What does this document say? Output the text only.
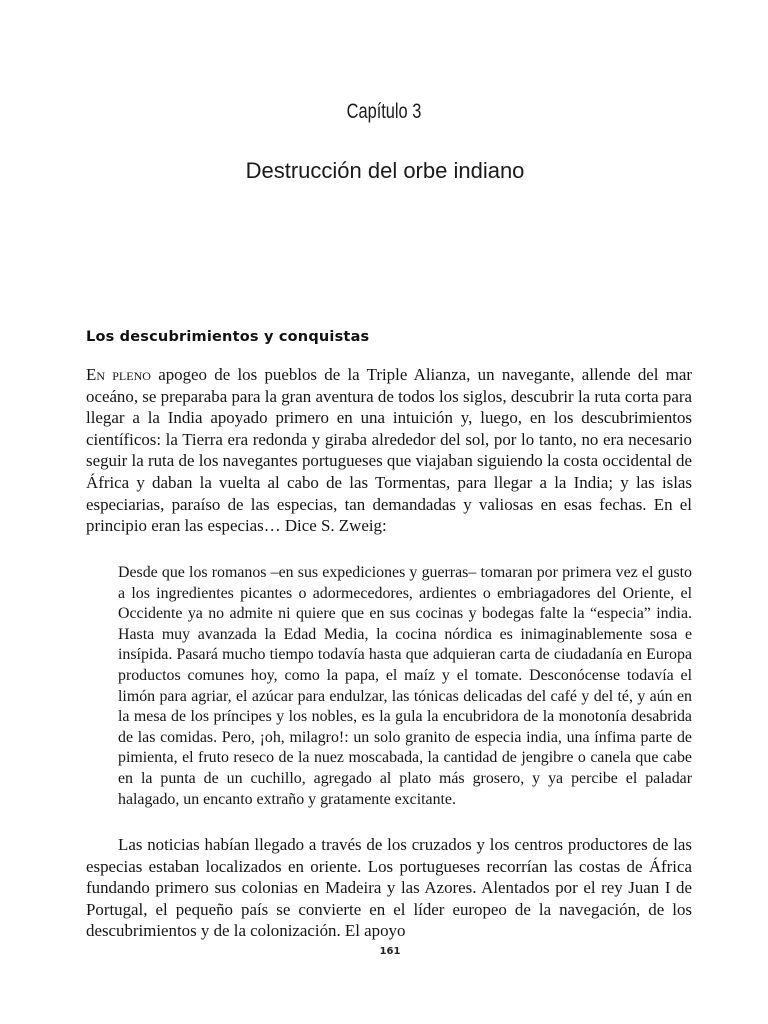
Capítulo 3
Destrucción del orbe indiano
Los descubrimientos y conquistas

En pleno apogeo de los pueblos de la Triple Alianza, un navegante, allende del mar oceáno, se preparaba para la gran aventura de todos los siglos, descubrir la ruta corta para llegar a la India apoyado primero en una intuición y, luego, en los descubrimientos científicos: la Tierra era redonda y giraba alrededor del sol, por lo tanto, no era necesario seguir la ruta de los navegantes portugueses que viajaban siguiendo la costa occidental de África y daban la vuelta al cabo de las Tormentas, para llegar a la India; y las islas especiarias, paraíso de las especias, tan demandadas y valiosas en esas fechas. En el principio eran las especias… Dice S. Zweig:

Desde que los romanos –en sus expediciones y guerras– tomaran por primera vez el gusto a los ingredientes picantes o adormecedores, ardientes o embriagadores del Oriente, el Occidente ya no admite ni quiere que en sus cocinas y bodegas falte la “especia” india. Hasta muy avanzada la Edad Media, la cocina nórdica es inimaginablemente sosa e insípida. Pasará mucho tiempo todavía hasta que adquieran carta de ciudadanía en Europa productos comunes hoy, como la papa, el maíz y el tomate. Desconócense todavía el limón para agriar, el azúcar para endulzar, las tónicas delicadas del café y del té, y aún en la mesa de los príncipes y los nobles, es la gula la encubridora de la monotonía desabrida de las comidas. Pero, ¡oh, milagro!: un solo granito de especia india, una ínfima parte de pimienta, el fruto reseco de la nuez moscabada, la cantidad de jengibre o canela que cabe en la punta de un cuchillo, agregado al plato más grosero, y ya percibe el paladar halagado, un encanto extraño y gratamente excitante.

Las noticias habían llegado a través de los cruzados y los centros productores de las especias estaban localizados en oriente. Los portugueses recorrían las costas de África fundando primero sus colonias en Madeira y las Azores. Alentados por el rey Juan I de Portugal, el pequeño país se convierte en el líder europeo de la navegación, de los descubrimientos y de la colonización. El apoyo

161
